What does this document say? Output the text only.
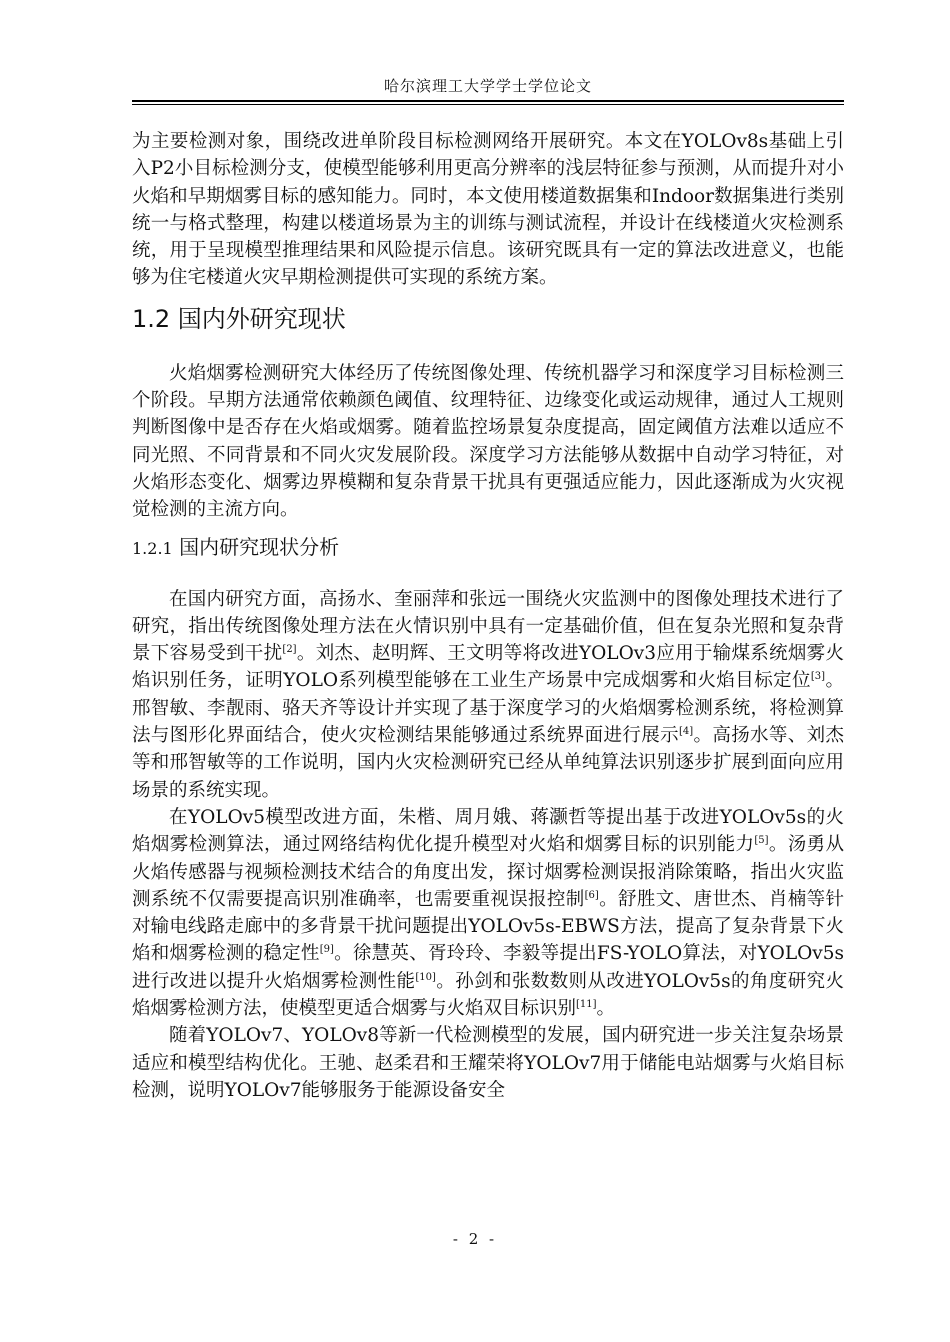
哈尔滨理工大学学士学位论文

为主要检测对象，围绕改进单阶段目标检测网络开展研究。本文在YOLOv8s基础上引入P2小目标检测分支，使模型能够利用更高分辨率的浅层特征参与预测，从而提升对小火焰和早期烟雾目标的感知能力。同时，本文使用楼道数据集和Indoor数据集进行类别统一与格式整理，构建以楼道场景为主的训练与测试流程，并设计在线楼道火灾检测系统，用于呈现模型推理结果和风险提示信息。该研究既具有一定的算法改进意义，也能够为住宅楼道火灾早期检测提供可实现的系统方案。

1.2 国内外研究现状

火焰烟雾检测研究大体经历了传统图像处理、传统机器学习和深度学习目标检测三个阶段。早期方法通常依赖颜色阈值、纹理特征、边缘变化或运动规律，通过人工规则判断图像中是否存在火焰或烟雾。随着监控场景复杂度提高，固定阈值方法难以适应不同光照、不同背景和不同火灾发展阶段。深度学习方法能够从数据中自动学习特征，对火焰形态变化、烟雾边界模糊和复杂背景干扰具有更强适应能力，因此逐渐成为火灾视觉检测的主流方向。

1.2.1 国内研究现状分析

在国内研究方面，高扬水、奎丽萍和张远一围绕火灾监测中的图像处理技术进行了研究，指出传统图像处理方法在火情识别中具有一定基础价值，但在复杂光照和复杂背景下容易受到干扰[2]。刘杰、赵明辉、王文明等将改进YOLOv3应用于输煤系统烟雾火焰识别任务，证明YOLO系列模型能够在工业生产场景中完成烟雾和火焰目标定位[3]。邢智敏、李靓雨、骆天齐等设计并实现了基于深度学习的火焰烟雾检测系统，将检测算法与图形化界面结合，使火灾检测结果能够通过系统界面进行展示[4]。高扬水等、刘杰等和邢智敏等的工作说明，国内火灾检测研究已经从单纯算法识别逐步扩展到面向应用场景的系统实现。

在YOLOv5模型改进方面，朱楷、周月娥、蒋灏哲等提出基于改进YOLOv5s的火焰烟雾检测算法，通过网络结构优化提升模型对火焰和烟雾目标的识别能力[5]。汤勇从火焰传感器与视频检测技术结合的角度出发，探讨烟雾检测误报消除策略，指出火灾监测系统不仅需要提高识别准确率，也需要重视误报控制[6]。舒胜文、唐世杰、肖楠等针对输电线路走廊中的多背景干扰问题提出YOLOv5s-EBWS方法，提高了复杂背景下火焰和烟雾检测的稳定性[9]。徐慧英、胥玲玲、李毅等提出FS-YOLO算法，对YOLOv5s进行改进以提升火焰烟雾检测性能[10]。孙剑和张数数则从改进YOLOv5s的角度研究火焰烟雾检测方法，使模型更适合烟雾与火焰双目标识别[11]。

随着YOLOv7、YOLOv8等新一代检测模型的发展，国内研究进一步关注复杂场景适应和模型结构优化。王驰、赵柔君和王耀荣将YOLOv7用于储能电站烟雾与火焰目标检测，说明YOLOv7能够服务于能源设备安全

- 2 -
